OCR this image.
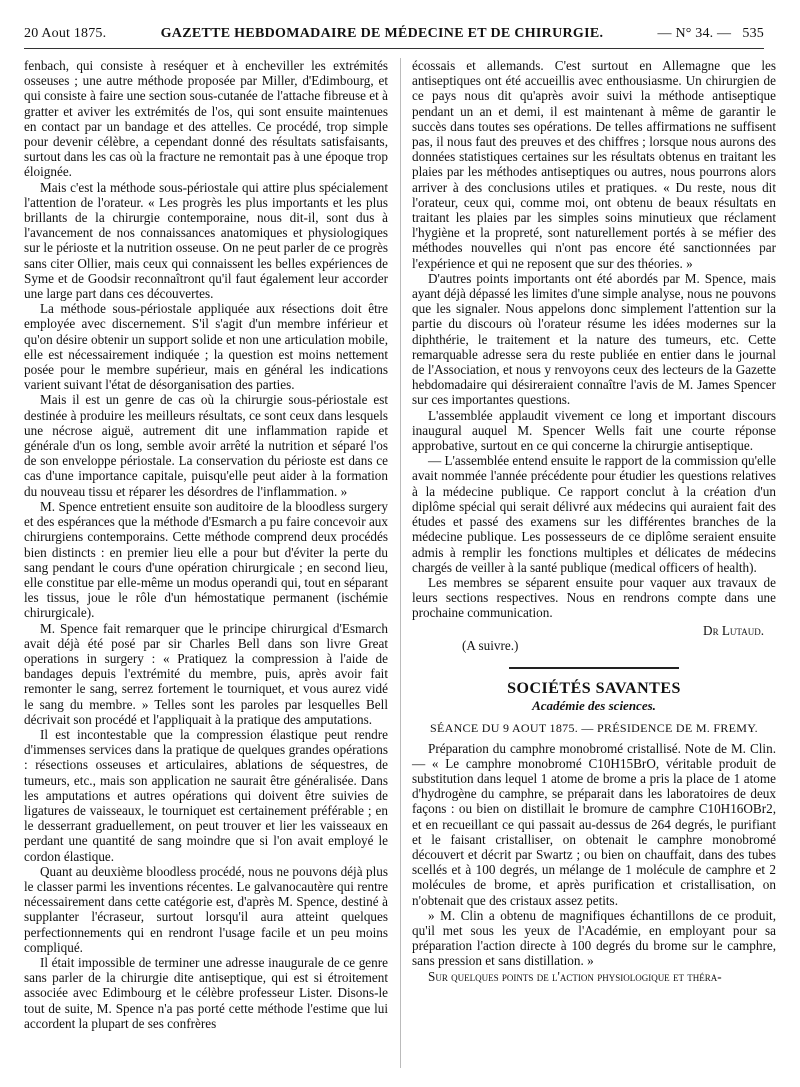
20 Aout 1875.	GAZETTE HEBDOMADAIRE DE MÉDECINE ET DE CHIRURGIE.	— N° 34. — 535

fenbach, qui consiste à reséquer et à encheviller les extrémités osseuses ; une autre méthode proposée par Miller, d'Edimbourg, et qui consiste à faire une section sous-cutanée de l'attache fibreuse et à gratter et aviver les extrémités de l'os, qui sont ensuite maintenues en contact par un bandage et des attelles. Ce procédé, trop simple pour devenir célèbre, a cependant donné des résultats satisfaisants, surtout dans les cas où la fracture ne remontait pas à une époque trop éloignée.

Mais c'est la méthode sous-périostale qui attire plus spécialement l'attention de l'orateur. « Les progrès les plus importants et les plus brillants de la chirurgie contemporaine, nous dit-il, sont dus à l'avancement de nos connaissances anatomiques et physiologiques sur le périoste et la nutrition osseuse. On ne peut parler de ce progrès sans citer Ollier, mais ceux qui connaissent les belles expériences de Syme et de Goodsir reconnaîtront qu'il faut également leur accorder une large part dans ces découvertes.

La méthode sous-périostale appliquée aux résections doit être employée avec discernement. S'il s'agit d'un membre inférieur et qu'on désire obtenir un support solide et non une articulation mobile, elle est nécessairement indiquée ; la question est moins nettement posée pour le membre supérieur, mais en général les indications varient suivant l'état de désorganisation des parties.

Mais il est un genre de cas où la chirurgie sous-périostale est destinée à produire les meilleurs résultats, ce sont ceux dans lesquels une nécrose aiguë, autrement dit une inflammation rapide et générale d'un os long, semble avoir arrêté la nutrition et séparé l'os de son enveloppe périostale. La conservation du périoste est dans ce cas d'une importance capitale, puisqu'elle peut aider à la formation du nouveau tissu et réparer les désordres de l'inflammation. »

M. Spence entretient ensuite son auditoire de la bloodless surgery et des espérances que la méthode d'Esmarch a pu faire concevoir aux chirurgiens contemporains. Cette méthode comprend deux procédés bien distincts : en premier lieu elle a pour but d'éviter la perte du sang pendant le cours d'une opération chirurgicale ; en second lieu, elle constitue par elle-même un modus operandi qui, tout en séparant les tissus, joue le rôle d'un hémostatique permanent (ischémie chirurgicale).

M. Spence fait remarquer que le principe chirurgical d'Esmarch avait déjà été posé par sir Charles Bell dans son livre Great operations in surgery : « Pratiquez la compression à l'aide de bandages depuis l'extrémité du membre, puis, après avoir fait remonter le sang, serrez fortement le tourniquet, et vous aurez vidé le sang du membre. » Telles sont les paroles par lesquelles Bell décrivait son procédé et l'appliquait à la pratique des amputations.

Il est incontestable que la compression élastique peut rendre d'immenses services dans la pratique de quelques grandes opérations : résections osseuses et articulaires, ablations de séquestres, de tumeurs, etc., mais son application ne saurait être généralisée. Dans les amputations et autres opérations qui doivent être suivies de ligatures de vaisseaux, le tourniquet est certainement préférable ; en le desserrant graduellement, on peut trouver et lier les vaisseaux en perdant une quantité de sang moindre que si l'on avait employé le cordon élastique.

Quant au deuxième bloodless procédé, nous ne pouvons déjà plus le classer parmi les inventions récentes. Le galvanocautère qui rentre nécessairement dans cette catégorie est, d'après M. Spence, destiné à supplanter l'écraseur, surtout lorsqu'il aura atteint quelques perfectionnements qui en rendront l'usage facile et un peu moins compliqué.

Il était impossible de terminer une adresse inaugurale de ce genre sans parler de la chirurgie dite antiseptique, qui est si étroitement associée avec Edimbourg et le célèbre professeur Lister. Disons-le tout de suite, M. Spence n'a pas porté cette méthode l'estime que lui accordent la plupart de ses confrères

écossais et allemands. C'est surtout en Allemagne que les antiseptiques ont été accueillis avec enthousiasme. Un chirurgien de ce pays nous dit qu'après avoir suivi la méthode antiseptique pendant un an et demi, il est maintenant à même de garantir le succès dans toutes ses opérations. De telles affirmations ne suffisent pas, il nous faut des preuves et des chiffres ; lorsque nous aurons des données statistiques certaines sur les résultats obtenus en traitant les plaies par les méthodes antiseptiques ou autres, nous pourrons alors arriver à des conclusions utiles et pratiques. « Du reste, nous dit l'orateur, ceux qui, comme moi, ont obtenu de beaux résultats en traitant les plaies par les simples soins minutieux que réclament l'hygiène et la propreté, sont naturellement portés à se méfier des méthodes nouvelles qui n'ont pas encore été sanctionnées par l'expérience et qui ne reposent que sur des théories. »

D'autres points importants ont été abordés par M. Spence, mais ayant déjà dépassé les limites d'une simple analyse, nous ne pouvons que les signaler. Nous appelons donc simplement l'attention sur la partie du discours où l'orateur résume les idées modernes sur la diphthérie, le traitement et la nature des tumeurs, etc. Cette remarquable adresse sera du reste publiée en entier dans le journal de l'Association, et nous y renvoyons ceux des lecteurs de la Gazette hebdomadaire qui désireraient connaître l'avis de M. James Spencer sur ces importantes questions.

L'assemblée applaudit vivement ce long et important discours inaugural auquel M. Spencer Wells fait une courte réponse approbative, surtout en ce qui concerne la chirurgie antiseptique.

— L'assemblée entend ensuite le rapport de la commission qu'elle avait nommée l'année précédente pour étudier les questions relatives à la médecine publique. Ce rapport conclut à la création d'un diplôme spécial qui serait délivré aux médecins qui auraient fait des études et passé des examens sur les différentes branches de la médecine publique. Les possesseurs de ce diplôme seraient ensuite admis à remplir les fonctions multiples et délicates de médecins chargés de veiller à la santé publique (medical officers of health).

Les membres se séparent ensuite pour vaquer aux travaux de leurs sections respectives. Nous en rendrons compte dans une prochaine communication.

Dr Lutaud.
(A suivre.)
SOCIÉTÉS SAVANTES
Académie des sciences.
SÉANCE DU 9 AOUT 1875. — PRÉSIDENCE DE M. FREMY.

Préparation du camphre monobromé cristallisé. Note de M. Clin. — « Le camphre monobromé C10H15BrO, véritable produit de substitution dans lequel 1 atome de brome a pris la place de 1 atome d'hydrogène du camphre, se préparait dans les laboratoires de deux façons : ou bien on distillait le bromure de camphre C10H16OBr2, et en recueillant ce qui passait au-dessus de 264 degrés, le purifiant et le faisant cristalliser, on obtenait le camphre monobromé découvert et décrit par Swartz ; ou bien on chauffait, dans des tubes scellés et à 100 degrés, un mélange de 1 molécule de camphre et 2 molécules de brome, et après purification et cristallisation, on n'obtenait que des cristaux assez petits.

» M. Clin a obtenu de magnifiques échantillons de ce produit, qu'il met sous les yeux de l'Académie, en employant pour sa préparation l'action directe à 100 degrés du brome sur le camphre, sans pression et sans distillation. »

Sur quelques points de l'action physiologique et théra-
